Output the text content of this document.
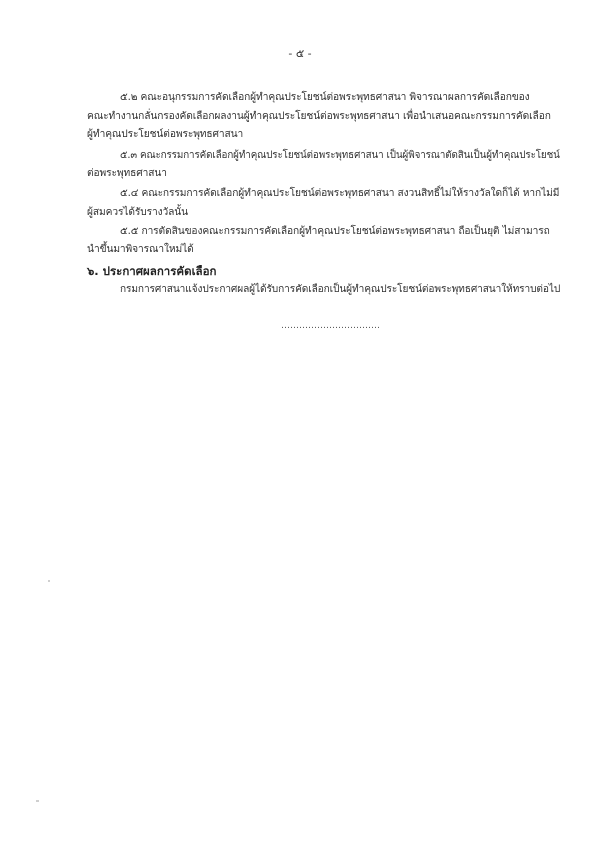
- ๕ -
๕.๒ คณะอนุกรรมการคัดเลือกผู้ทำคุณประโยชน์ต่อพระพุทธศาสนา พิจารณาผลการคัดเลือกของ
คณะทำงานกลั่นกรองคัดเลือกผลงานผู้ทำคุณประโยชน์ต่อพระพุทธศาสนา เพื่อนำเสนอคณะกรรมการคัดเลือก
ผู้ทำคุณประโยชน์ต่อพระพุทธศาสนา
๕.๓ คณะกรรมการคัดเลือกผู้ทำคุณประโยชน์ต่อพระพุทธศาสนา เป็นผู้พิจารณาตัดสินเป็นผู้ทำคุณประโยชน์
ต่อพระพุทธศาสนา
๕.๔ คณะกรรมการคัดเลือกผู้ทำคุณประโยชน์ต่อพระพุทธศาสนา สงวนสิทธิ์ไม่ให้รางวัลใดก็ได้ หากไม่มี
ผู้สมควรได้รับรางวัลนั้น
๕.๕ การตัดสินของคณะกรรมการคัดเลือกผู้ทำคุณประโยชน์ต่อพระพุทธศาสนา ถือเป็นยุติ ไม่สามารถ
นำขึ้นมาพิจารณาใหม่ได้
๖. ประกาศผลการคัดเลือก
กรมการศาสนาแจ้งประกาศผลผู้ได้รับการคัดเลือกเป็นผู้ทำคุณประโยชน์ต่อพระพุทธศาสนาให้ทราบต่อไป
……………………………
